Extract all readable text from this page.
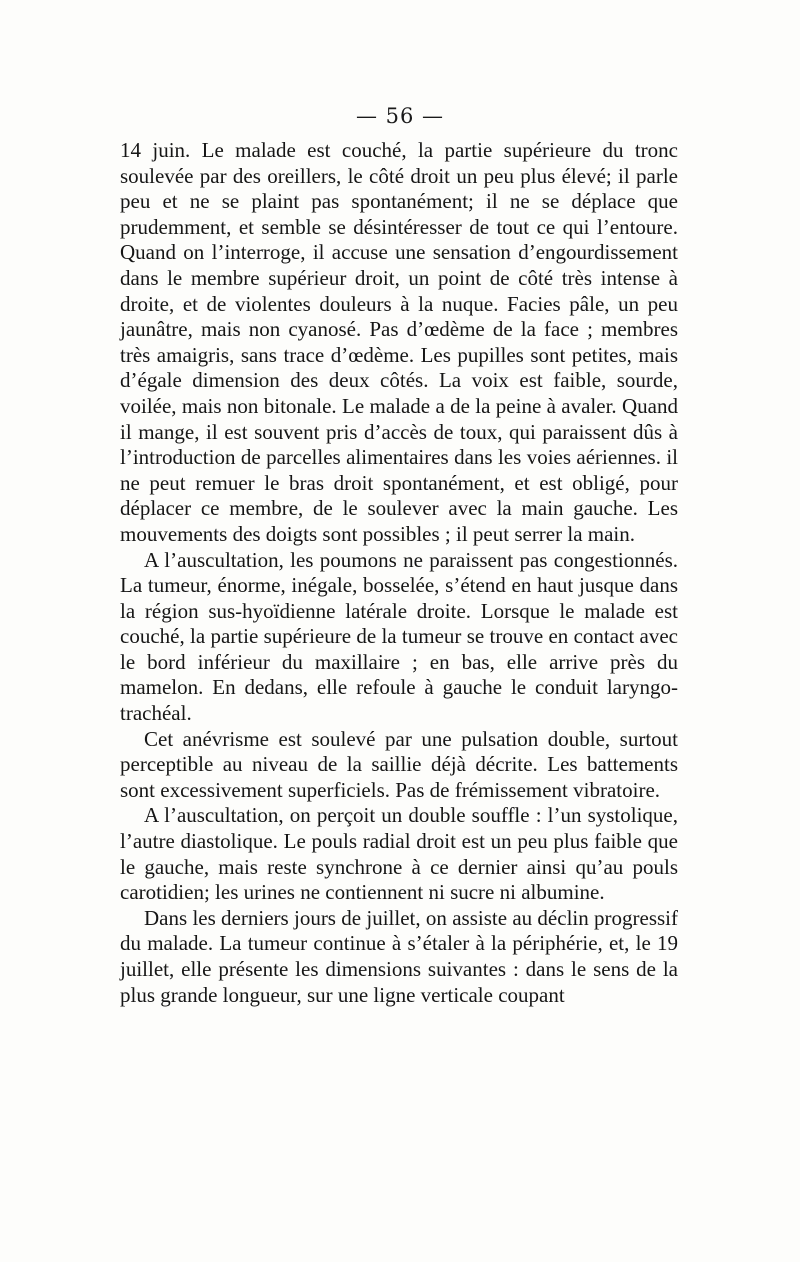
— 56 —

14 juin. Le malade est couché, la partie supérieure du tronc soulevée par des oreillers, le côté droit un peu plus élevé; il parle peu et ne se plaint pas spontanément; il ne se déplace que prudemment, et semble se désintéresser de tout ce qui l’entoure. Quand on l’interroge, il accuse une sensation d’engourdissement dans le membre supérieur droit, un point de côté très intense à droite, et de violentes douleurs à la nuque. Facies pâle, un peu jaunâtre, mais non cyanosé. Pas d’œdème de la face ; membres très amaigris, sans trace d’œdème. Les pupilles sont petites, mais d’égale dimension des deux côtés. La voix est faible, sourde, voilée, mais non bitonale. Le malade a de la peine à avaler. Quand il mange, il est souvent pris d’accès de toux, qui paraissent dûs à l’introduction de parcelles alimentaires dans les voies aériennes. il ne peut remuer le bras droit spontanément, et est obligé, pour déplacer ce membre, de le soulever avec la main gauche. Les mouvements des doigts sont possibles ; il peut serrer la main.

A l’auscultation, les poumons ne paraissent pas congestionnés. La tumeur, énorme, inégale, bosselée, s’étend en haut jusque dans la région sus-hyoïdienne latérale droite. Lorsque le malade est couché, la partie supérieure de la tumeur se trouve en contact avec le bord inférieur du maxillaire ; en bas, elle arrive près du mamelon. En dedans, elle refoule à gauche le conduit laryngo-trachéal.

Cet anévrisme est soulevé par une pulsation double, surtout perceptible au niveau de la saillie déjà décrite. Les battements sont excessivement superficiels. Pas de frémissement vibratoire.

A l’auscultation, on perçoit un double souffle : l’un systolique, l’autre diastolique. Le pouls radial droit est un peu plus faible que le gauche, mais reste synchrone à ce dernier ainsi qu’au pouls carotidien; les urines ne contiennent ni sucre ni albumine.

Dans les derniers jours de juillet, on assiste au déclin progressif du malade. La tumeur continue à s’étaler à la périphérie, et, le 19 juillet, elle présente les dimensions suivantes : dans le sens de la plus grande longueur, sur une ligne verticale coupant
